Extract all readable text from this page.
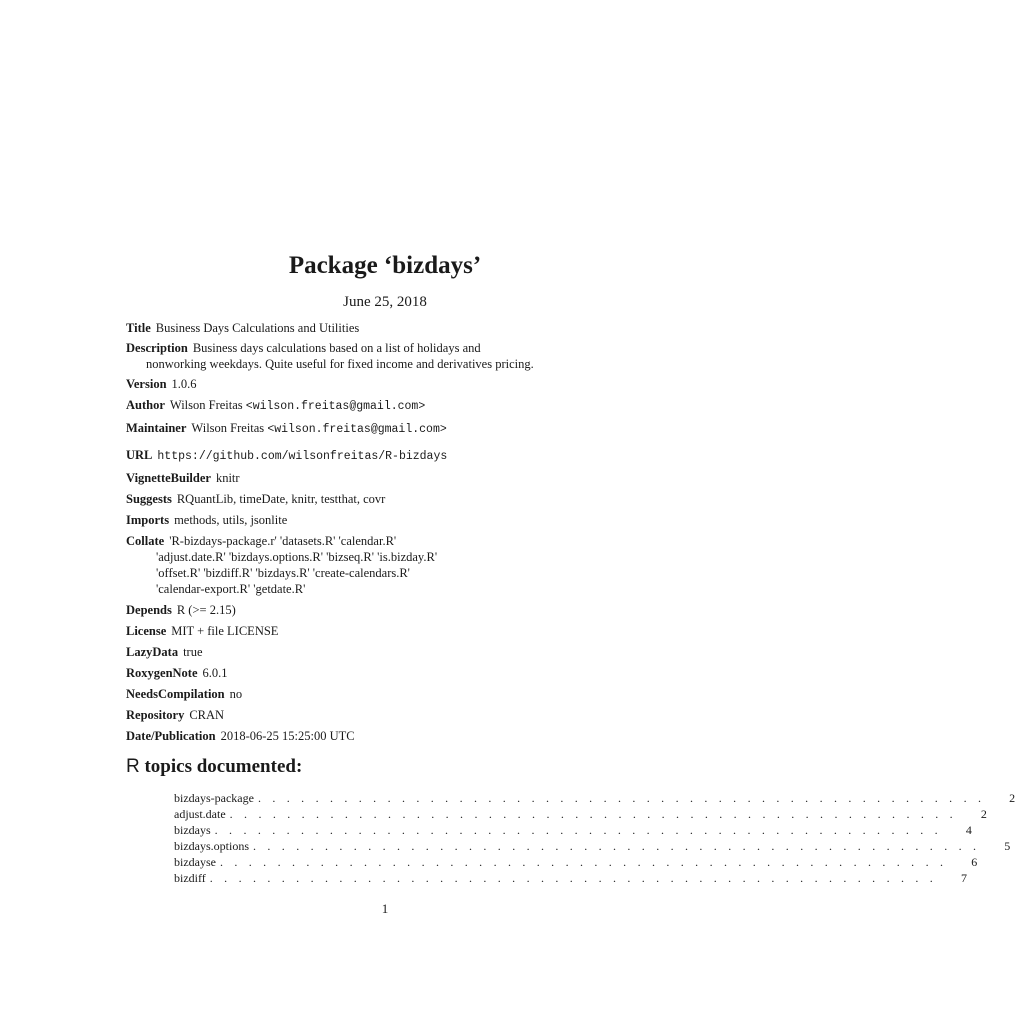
Package ‘bizdays’
June 25, 2018
Title Business Days Calculations and Utilities
Description Business days calculations based on a list of holidays and
nonworking weekdays. Quite useful for fixed income and derivatives pricing.
Version 1.0.6
Author Wilson Freitas <wilson.freitas@gmail.com>
Maintainer Wilson Freitas <wilson.freitas@gmail.com>
URL https://github.com/wilsonfreitas/R-bizdays
VignetteBuilder knitr
Suggests RQuantLib, timeDate, knitr, testthat, covr
Imports methods, utils, jsonlite
Collate 'R-bizdays-package.r' 'datasets.R' 'calendar.R'
'adjust.date.R' 'bizdays.options.R' 'bizseq.R' 'is.bizday.R'
'offset.R' 'bizdiff.R' 'bizdays.R' 'create-calendars.R'
'calendar-export.R' 'getdate.R'
Depends R (>= 2.15)
License MIT + file LICENSE
LazyData true
RoxygenNote 6.0.1
NeedsCompilation no
Repository CRAN
Date/Publication 2018-06-25 15:25:00 UTC
R topics documented:
bizdays-package . . . . . . . . . . . . . . . . . . . . . . . . . . . . . . . . . . . . . . . . . . . . . . . . . . .	2
adjust.date . . . . . . . . . . . . . . . . . . . . . . . . . . . . . . . . . . . . . . . . . . . . . . . . . . .	2
bizdays . . . . . . . . . . . . . . . . . . . . . . . . . . . . . . . . . . . . . . . . . . . . . . . . . . .	4
bizdays.options . . . . . . . . . . . . . . . . . . . . . . . . . . . . . . . . . . . . . . . . . . . . . . . . . . .	5
bizdayse . . . . . . . . . . . . . . . . . . . . . . . . . . . . . . . . . . . . . . . . . . . . . . . . . . .	6
bizdiff . . . . . . . . . . . . . . . . . . . . . . . . . . . . . . . . . . . . . . . . . . . . . . . . . . .	7
1
